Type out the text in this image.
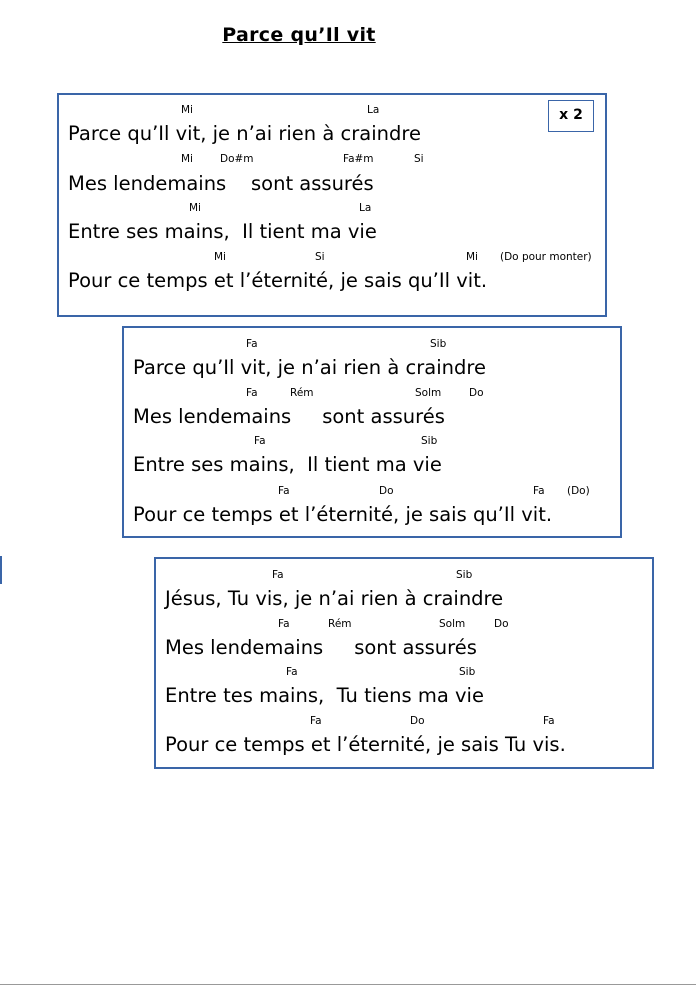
Parce qu’Il vit
Mi	La
Parce qu’Il vit, je n’ai rien à craindre
Mi	Do#m	Fa#m	Si
Mes lendemains    sont assurés
Mi	La
Entre ses mains,  Il tient ma vie
Mi	Si	Mi (Do pour monter)
Pour ce temps et l’éternité, je sais qu’Il vit.
x 2
Fa	Sib
Parce qu’Il vit, je n’ai rien à craindre
Fa	Rém	Solm	Do
Mes lendemains     sont assurés
Fa	Sib
Entre ses mains,  Il tient ma vie
Fa	Do	Fa (Do)
Pour ce temps et l’éternité, je sais qu’Il vit.
Fa	Sib
Jésus, Tu vis, je n’ai rien à craindre
Fa	Rém	Solm	Do
Mes lendemains     sont assurés
Fa	Sib
Entre tes mains,  Tu tiens ma vie
Fa	Do	Fa
Pour ce temps et l’éternité, je sais Tu vis.
